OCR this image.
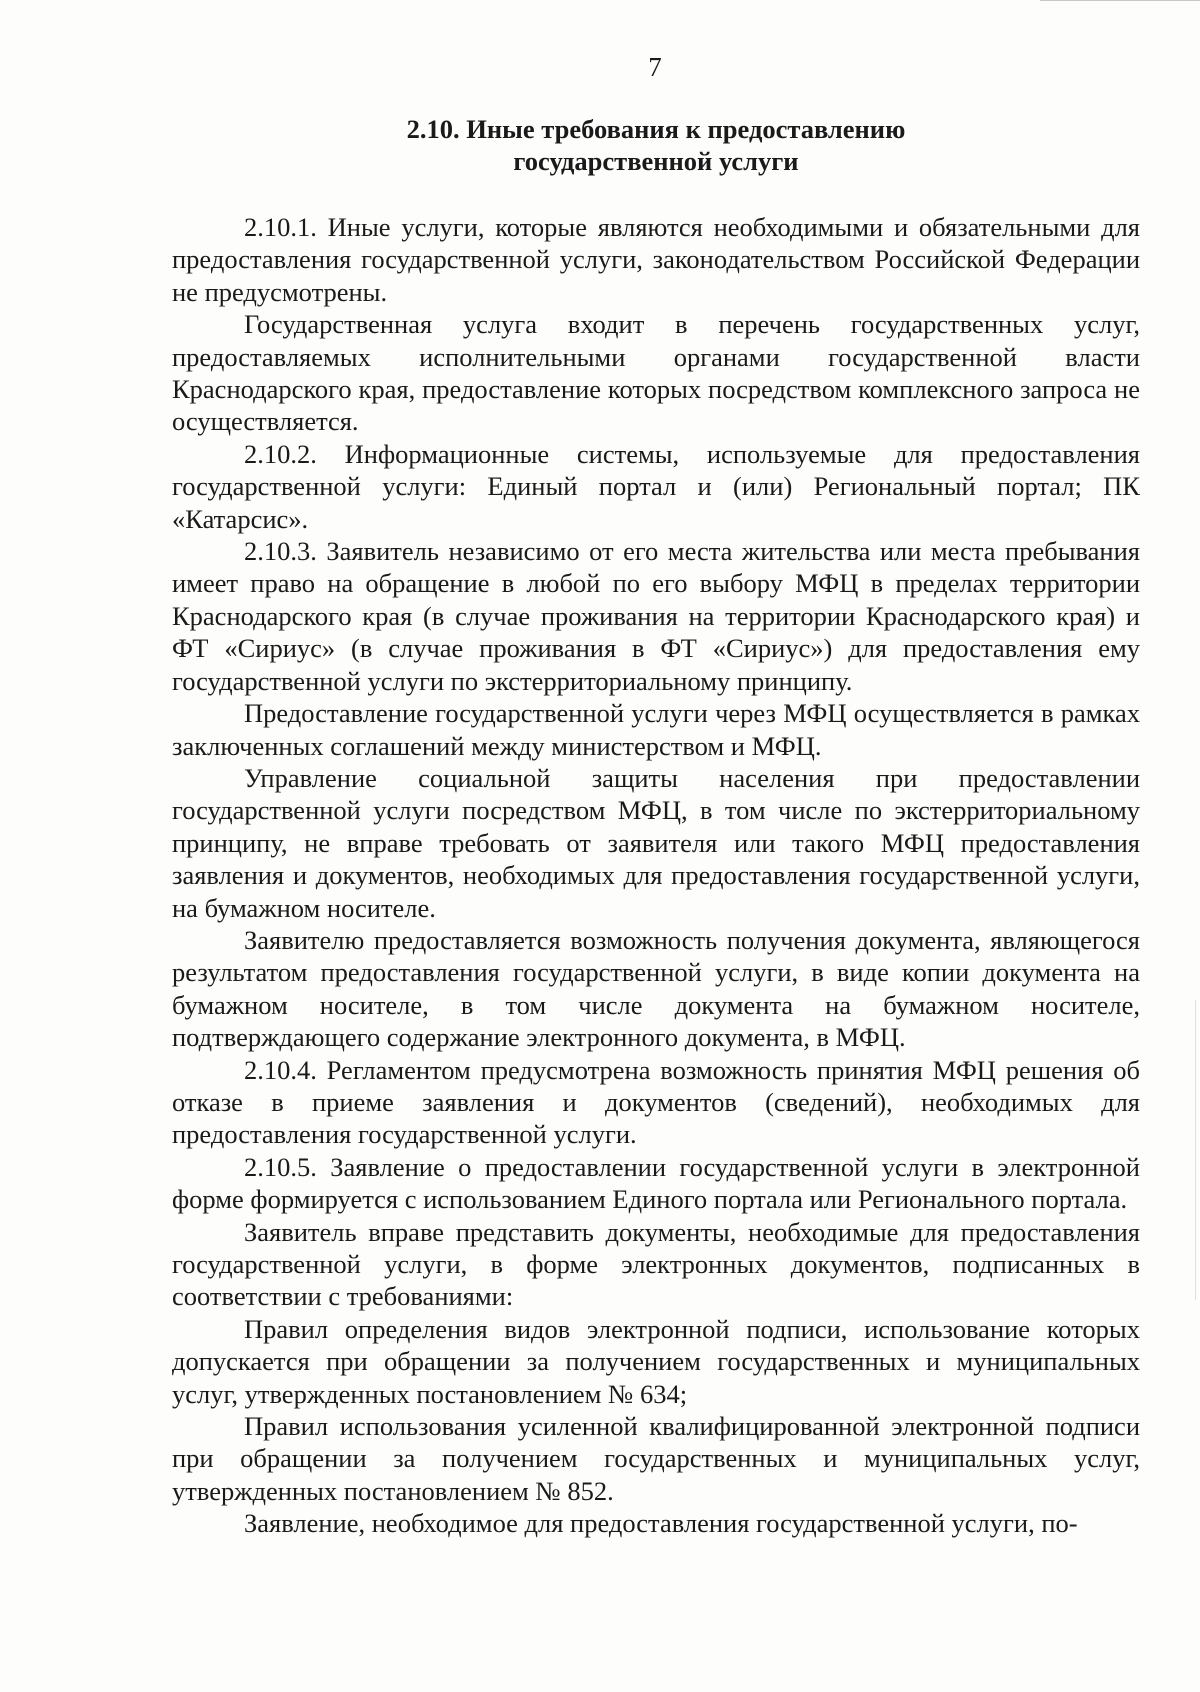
7
2.10. Иные требования к предоставлению
государственной услуги

2.10.1. Иные услуги, которые являются необходимыми и обязательными для предоставления государственной услуги, законодательством Российской Федерации не предусмотрены.

Государственная услуга входит в перечень государственных услуг, предоставляемых исполнительными органами государственной власти Краснодарского края, предоставление которых посредством комплексного запроса не осуществляется.

2.10.2. Информационные системы, используемые для предоставления государственной услуги: Единый портал и (или) Региональный портал; ПК «Катарсис».

2.10.3. Заявитель независимо от его места жительства или места пребывания имеет право на обращение в любой по его выбору МФЦ в пределах территории Краснодарского края (в случае проживания на территории Краснодарского края) и ФТ «Сириус» (в случае проживания в ФТ «Сириус») для предоставления ему государственной услуги по экстерриториальному принципу.

Предоставление государственной услуги через МФЦ осуществляется в рамках заключенных соглашений между министерством и МФЦ.

Управление социальной защиты населения при предоставлении государственной услуги посредством МФЦ, в том числе по экстерриториальному принципу, не вправе требовать от заявителя или такого МФЦ предоставления заявления и документов, необходимых для предоставления государственной услуги, на бумажном носителе.

Заявителю предоставляется возможность получения документа, являющегося результатом предоставления государственной услуги, в виде копии документа на бумажном носителе, в том числе документа на бумажном носителе, подтверждающего содержание электронного документа, в МФЦ.

2.10.4. Регламентом предусмотрена возможность принятия МФЦ решения об отказе в приеме заявления и документов (сведений), необходимых для предоставления государственной услуги.

2.10.5. Заявление о предоставлении государственной услуги в электронной форме формируется с использованием Единого портала или Регионального портала.

Заявитель вправе представить документы, необходимые для предоставления государственной услуги, в форме электронных документов, подписанных в соответствии с требованиями:

Правил определения видов электронной подписи, использование которых допускается при обращении за получением государственных и муниципальных услуг, утвержденных постановлением № 634;

Правил использования усиленной квалифицированной электронной подписи при обращении за получением государственных и муниципальных услуг, утвержденных постановлением № 852.

Заявление, необходимое для предоставления государственной услуги, по-
